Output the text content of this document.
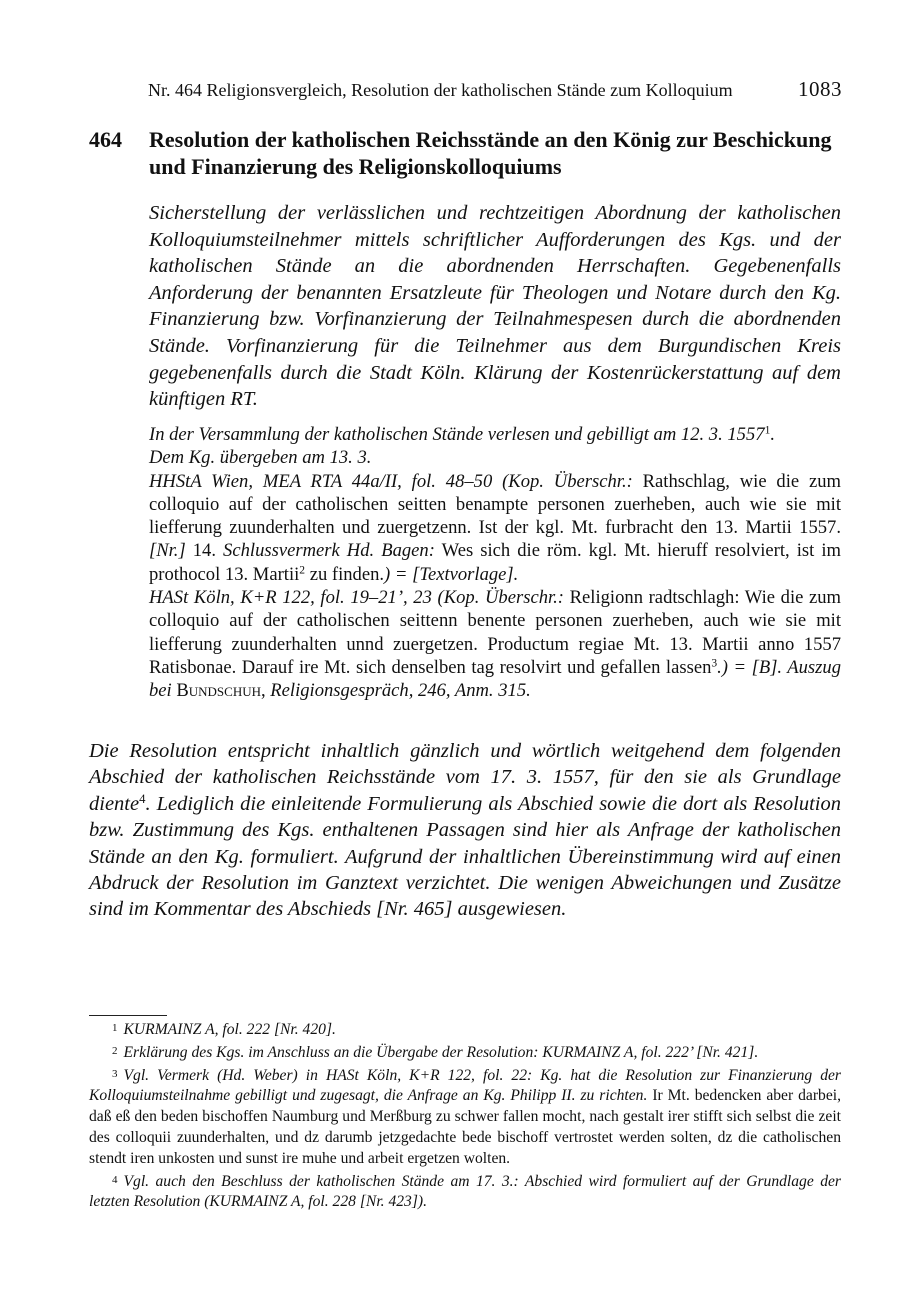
Nr. 464 Religionsvergleich, Resolution der katholischen Stände zum Kolloquium	1083
464 Resolution der katholischen Reichsstände an den König zur Beschickung und Finanzierung des Religionskolloquiums
Sicherstellung der verlässlichen und rechtzeitigen Abordnung der katholischen Kolloquiumsteilnehmer mittels schriftlicher Aufforderungen des Kgs. und der katholischen Stände an die abordnenden Herrschaften. Gegebenenfalls Anforderung der benannten Ersatzleute für Theologen und Notare durch den Kg. Finanzierung bzw. Vorfinanzierung der Teilnahmespesen durch die abordnenden Stände. Vorfinanzierung für die Teilnehmer aus dem Burgundischen Kreis gegebenenfalls durch die Stadt Köln. Klärung der Kostenrückerstattung auf dem künftigen RT.
In der Versammlung der katholischen Stände verlesen und gebilligt am 12. 3. 1557$^1$.
Dem Kg. übergeben am 13. 3.
HHStA Wien, MEA RTA 44a/II, fol. 48–50 (Kop. Überschr.: Rathschlag, wie die zum colloquio auf der catholischen seitten benampte personen zuerheben, auch wie sie mit liefferung zuunderhalten und zuergetzenn. Ist der kgl. Mt. furbracht den 13. Martii 1557. [Nr.] 14. Schlussvermerk Hd. Bagen: Wes sich die röm. kgl. Mt. hieruff resolviert, ist im prothocol 13. Martii$^2$ zu finden.) = [Textvorlage].
HASt Köln, K+R 122, fol. 19–21’, 23 (Kop. Überschr.: Religionn radtschlagh: Wie die zum colloquio auf der catholischen seittenn benente personen zuerheben, auch wie sie mit liefferung zuunderhalten unnd zuergetzen. Productum regiae Mt. 13. Martii anno 1557 Ratisbonae. Darauf ire Mt. sich denselben tag resolvirt und gefallen lassen$^3$.) = [B]. Auszug bei Bundschuh, Religionsgespräch, 246, Anm. 315.
Die Resolution entspricht inhaltlich gänzlich und wörtlich weitgehend dem folgenden Abschied der katholischen Reichsstände vom 17. 3. 1557, für den sie als Grundlage diente$^4$. Lediglich die einleitende Formulierung als Abschied sowie die dort als Resolution bzw. Zustimmung des Kgs. enthaltenen Passagen sind hier als Anfrage der katholischen Stände an den Kg. formuliert. Aufgrund der inhaltlichen Übereinstimmung wird auf einen Abdruck der Resolution im Ganztext verzichtet. Die wenigen Abweichungen und Zusätze sind im Kommentar des Abschieds [Nr. 465] ausgewiesen.

1 KURMAINZ A, fol. 222 [Nr. 420].

2 Erklärung des Kgs. im Anschluss an die Übergabe der Resolution: KURMAINZ A, fol. 222’ [Nr. 421].

3 Vgl. Vermerk (Hd. Weber) in HASt Köln, K+R 122, fol. 22: Kg. hat die Resolution zur Finanzierung der Kolloquiumsteilnahme gebilligt und zugesagt, die Anfrage an Kg. Philipp II. zu richten. Ir Mt. bedencken aber darbei, daß eß den beden bischoffen Naumburg und Merßburg zu schwer fallen mocht, nach gestalt irer stifft sich selbst die zeit des colloquii zuunderhalten, und dz darumb jetzgedachte bede bischoff vertrostet werden solten, dz die catholischen stendt iren unkosten und sunst ire muhe und arbeit ergetzen wolten.

4 Vgl. auch den Beschluss der katholischen Stände am 17. 3.: Abschied wird formuliert auf der Grundlage der letzten Resolution (KURMAINZ A, fol. 228 [Nr. 423]).
